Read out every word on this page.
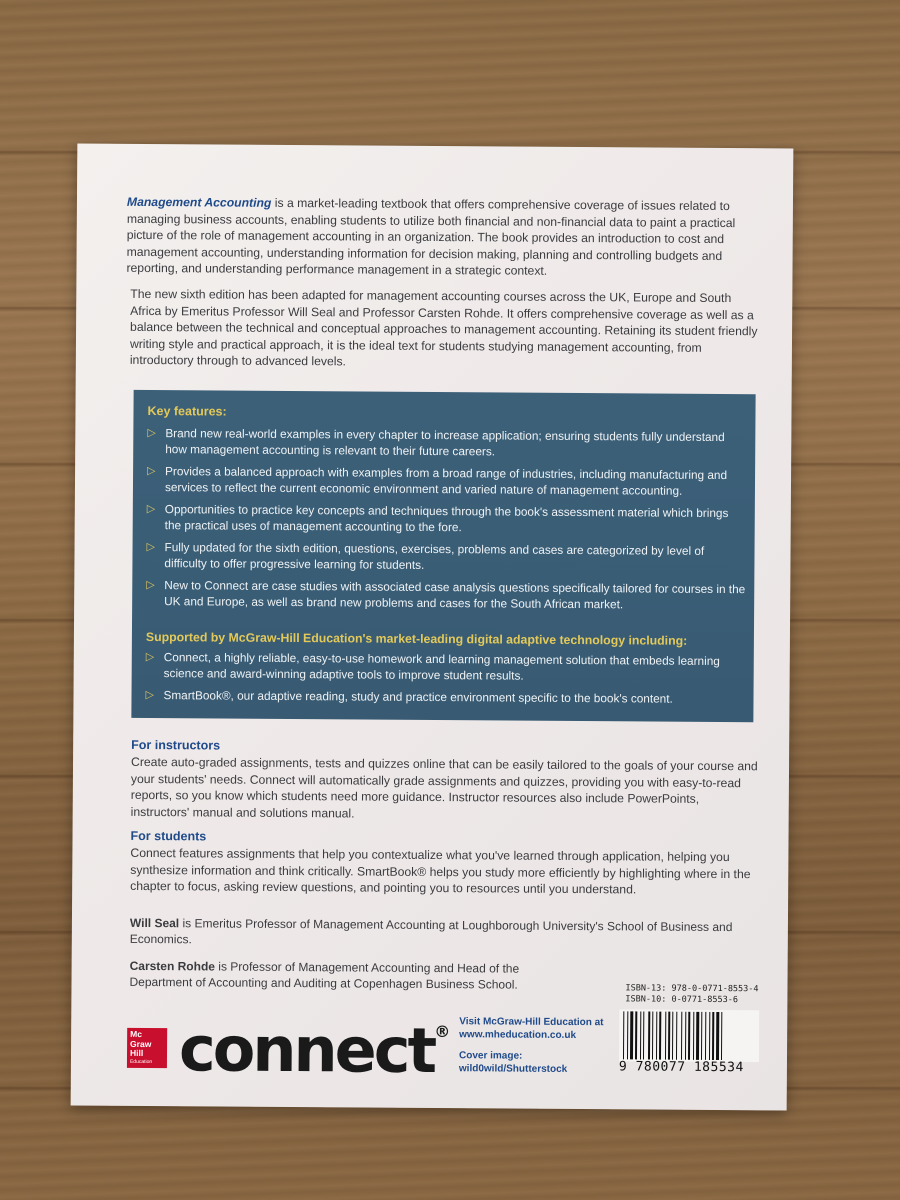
Management Accounting is a market-leading textbook that offers comprehensive coverage of issues related to managing business accounts, enabling students to utilize both financial and non-financial data to paint a practical picture of the role of management accounting in an organization. The book provides an introduction to cost and management accounting, understanding information for decision making, planning and controlling budgets and reporting, and understanding performance management in a strategic context.
The new sixth edition has been adapted for management accounting courses across the UK, Europe and South Africa by Emeritus Professor Will Seal and Professor Carsten Rohde. It offers comprehensive coverage as well as a balance between the technical and conceptual approaches to management accounting. Retaining its student friendly writing style and practical approach, it is the ideal text for students studying management accounting, from introductory through to advanced levels.
Key features:
▷ Brand new real-world examples in every chapter to increase application; ensuring students fully understand how management accounting is relevant to their future careers.
▷ Provides a balanced approach with examples from a broad range of industries, including manufacturing and services to reflect the current economic environment and varied nature of management accounting.
▷ Opportunities to practice key concepts and techniques through the book's assessment material which brings the practical uses of management accounting to the fore.
▷ Fully updated for the sixth edition, questions, exercises, problems and cases are categorized by level of difficulty to offer progressive learning for students.
▷ New to Connect are case studies with associated case analysis questions specifically tailored for courses in the UK and Europe, as well as brand new problems and cases for the South African market.
Supported by McGraw-Hill Education's market-leading digital adaptive technology including:
▷ Connect, a highly reliable, easy-to-use homework and learning management solution that embeds learning science and award-winning adaptive tools to improve student results.
▷ SmartBook®, our adaptive reading, study and practice environment specific to the book's content.
For instructors
Create auto-graded assignments, tests and quizzes online that can be easily tailored to the goals of your course and your students' needs. Connect will automatically grade assignments and quizzes, providing you with easy-to-read reports, so you know which students need more guidance. Instructor resources also include PowerPoints, instructors' manual and solutions manual.
For students
Connect features assignments that help you contextualize what you've learned through application, helping you synthesize information and think critically. SmartBook® helps you study more efficiently by highlighting where in the chapter to focus, asking review questions, and pointing you to resources until you understand.
Will Seal is Emeritus Professor of Management Accounting at Loughborough University's School of Business and Economics.
Carsten Rohde is Professor of Management Accounting and Head of the Department of Accounting and Auditing at Copenhagen Business School.
Mc
Graw
Hill
Education connect® Visit McGraw-Hill Education at
www.mheducation.co.uk
Cover image:
wild0wild/Shutterstock
ISBN-13: 978-0-0771-8553-4
ISBN-10: 0-0771-8553-6
9 780077 185534
